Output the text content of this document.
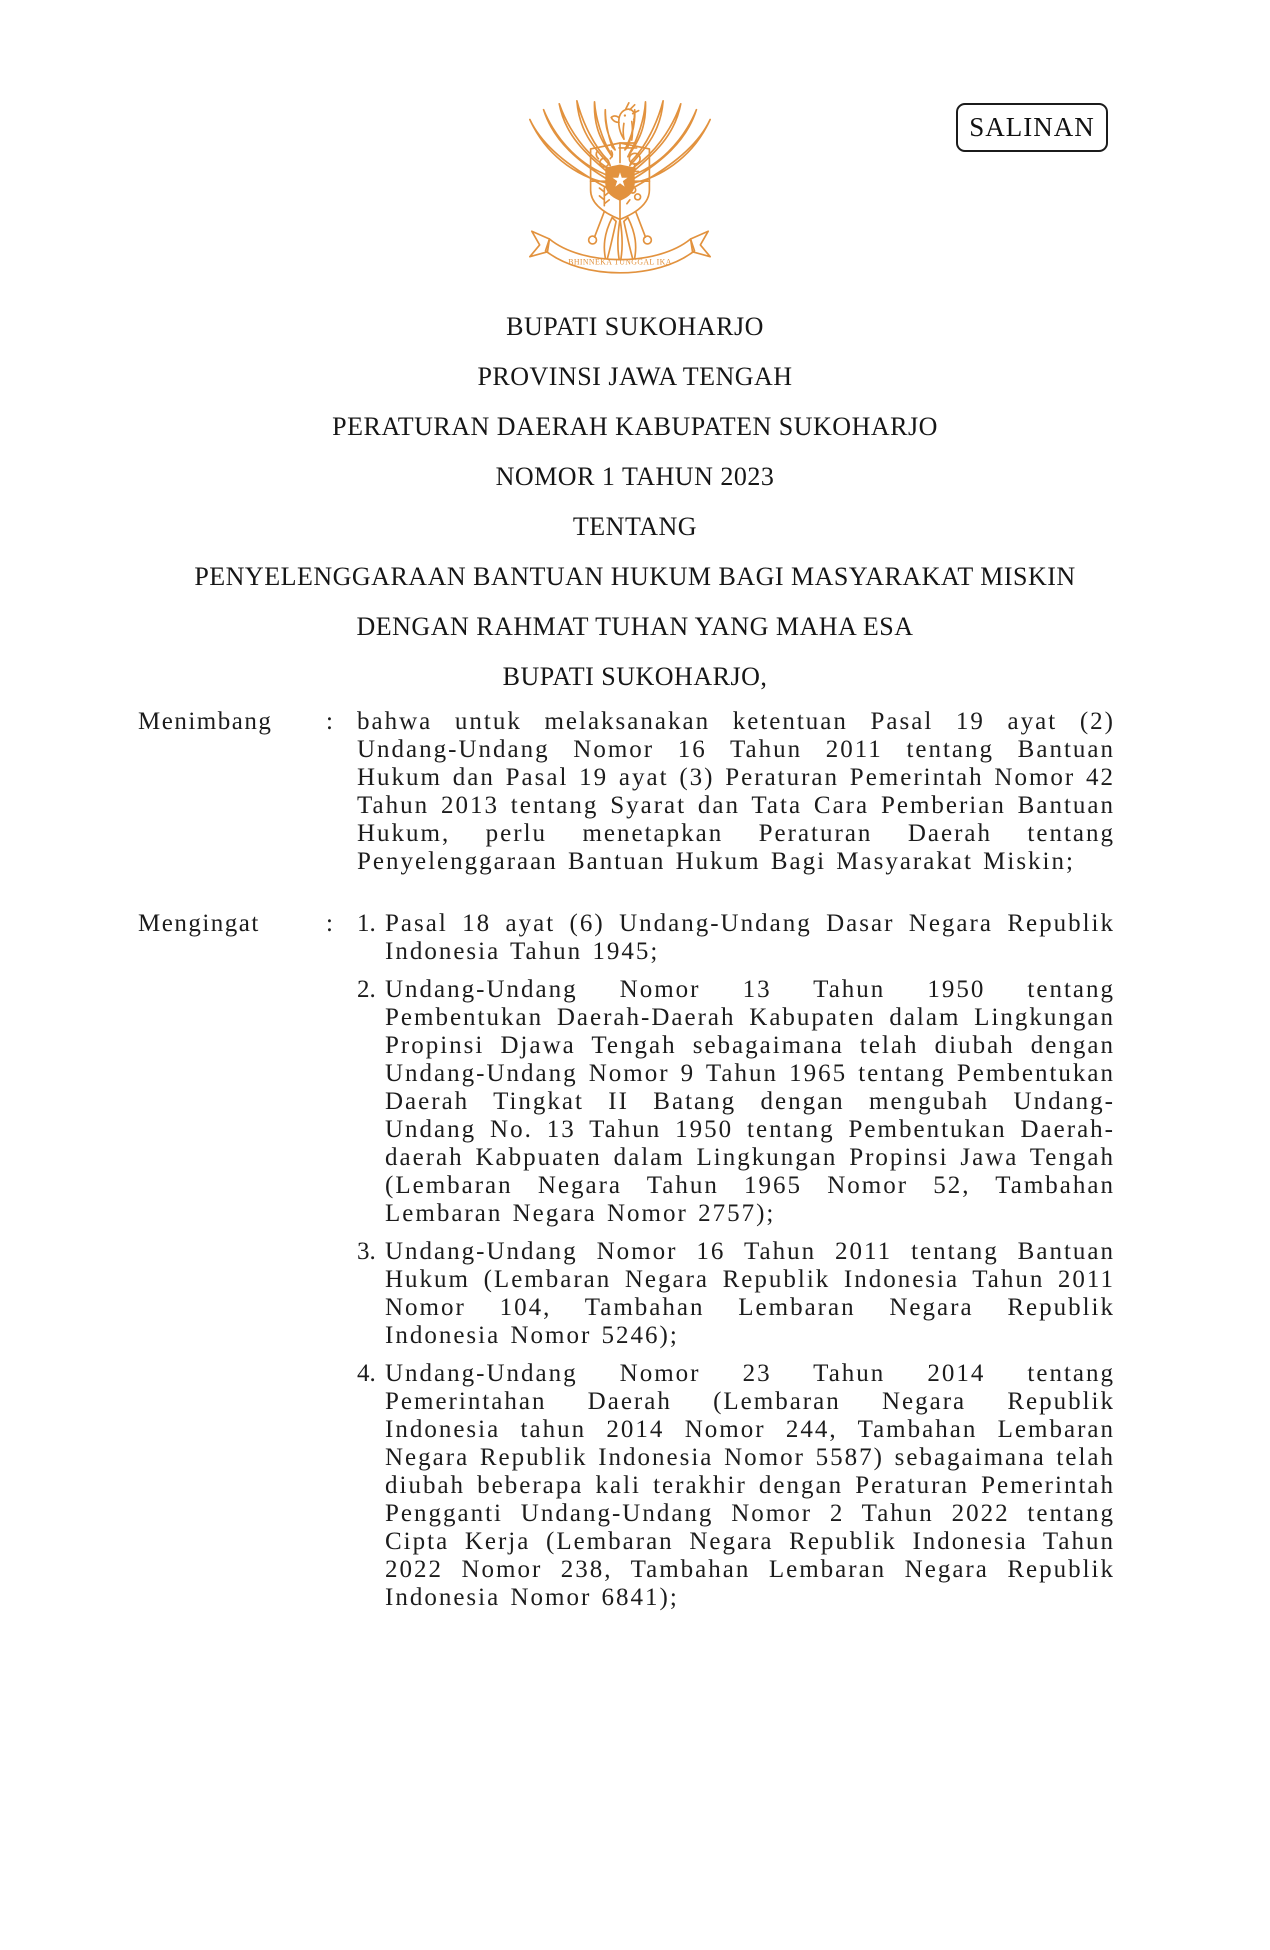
SALINAN
BHINNEKA TUNGGAL IKA
BUPATI SUKOHARJO
PROVINSI JAWA TENGAH
PERATURAN DAERAH KABUPATEN SUKOHARJO
NOMOR 1 TAHUN 2023
TENTANG
PENYELENGGARAAN BANTUAN HUKUM BAGI MASYARAKAT MISKIN
DENGAN RAHMAT TUHAN YANG MAHA ESA
BUPATI SUKOHARJO,
Menimbang	: bahwa untuk melaksanakan ketentuan Pasal 19 ayat (2) Undang-Undang Nomor 16 Tahun 2011 tentang Bantuan Hukum dan Pasal 19 ayat (3) Peraturan Pemerintah Nomor 42 Tahun 2013 tentang Syarat dan Tata Cara Pemberian Bantuan Hukum, perlu menetapkan Peraturan Daerah tentang Penyelenggaraan Bantuan Hukum Bagi Masyarakat Miskin;

Mengingat	: 1. Pasal 18 ayat (6) Undang-Undang Dasar Negara Republik Indonesia Tahun 1945;
2. Undang-Undang Nomor 13 Tahun 1950 tentang Pembentukan Daerah-Daerah Kabupaten dalam Lingkungan Propinsi Djawa Tengah sebagaimana telah diubah dengan Undang-Undang Nomor 9 Tahun 1965 tentang Pembentukan Daerah Tingkat II Batang dengan mengubah Undang-Undang No. 13 Tahun 1950 tentang Pembentukan Daerah-daerah Kabpuaten dalam Lingkungan Propinsi Jawa Tengah (Lembaran Negara Tahun 1965 Nomor 52, Tambahan Lembaran Negara Nomor 2757);
3. Undang-Undang Nomor 16 Tahun 2011 tentang Bantuan Hukum (Lembaran Negara Republik Indonesia Tahun 2011 Nomor 104, Tambahan Lembaran Negara Republik Indonesia Nomor 5246);
4. Undang-Undang Nomor 23 Tahun 2014 tentang Pemerintahan Daerah (Lembaran Negara Republik Indonesia tahun 2014 Nomor 244, Tambahan Lembaran Negara Republik Indonesia Nomor 5587) sebagaimana telah diubah beberapa kali terakhir dengan Peraturan Pemerintah Pengganti Undang-Undang Nomor 2 Tahun 2022 tentang Cipta Kerja (Lembaran Negara Republik Indonesia Tahun 2022 Nomor 238, Tambahan Lembaran Negara Republik Indonesia Nomor 6841);
